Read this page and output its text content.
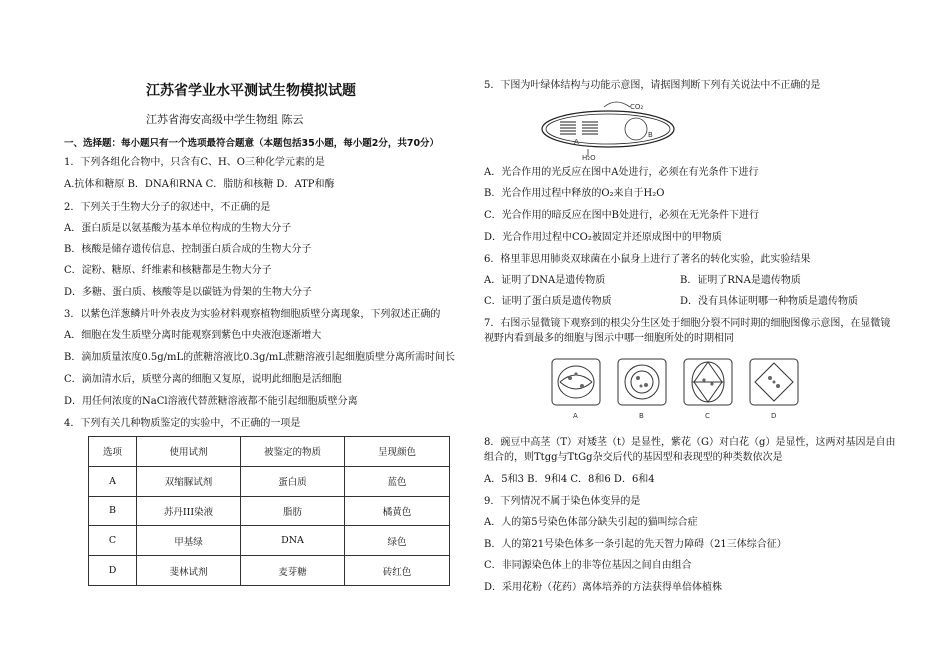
江苏省学业水平测试生物模拟试题
江苏省海安高级中学生物组 陈云
一、选择题：每小题只有一个选项最符合题意（本题包括35小题，每小题2分，共70分）
1．下列各组化合物中，只含有C、H、O三种化学元素的是
A.抗体和糖原 B．DNA和RNA C．脂肪和核糖 D．ATP和酶
2．下列关于生物大分子的叙述中，不正确的是
A．蛋白质是以氨基酸为基本单位构成的生物大分子
B．核酸是储存遗传信息、控制蛋白质合成的生物大分子
C．淀粉、糖原、纤维素和核糖都是生物大分子
D．多糖、蛋白质、核酸等是以碳链为骨架的生物大分子
3．以紫色洋葱鳞片叶外表皮为实验材料观察植物细胞质壁分离现象，下列叙述正确的
A．细胞在发生质壁分离时能观察到紫色中央液泡逐渐增大
B．滴加质量浓度0.5g/mL的蔗糖溶液比0.3g/mL蔗糖溶液引起细胞质壁分离所需时间长
C．滴加清水后，质壁分离的细胞又复原，说明此细胞是活细胞
D．用任何浓度的NaCl溶液代替蔗糖溶液都不能引起细胞质壁分离
4．下列有关几种物质鉴定的实验中，不正确的一项是
选项	使用试剂	被鉴定的物质	呈现颜色
A	双缩脲试剂	蛋白质	蓝色
B	苏丹III染液	脂肪	橘黄色
C	甲基绿	DNA	绿色
D	斐林试剂	麦芽糖	砖红色
5．下图为叶绿体结构与功能示意图，请据图判断下列有关说法中不正确的是
CO₂
H₂O
A
B
A．光合作用的光反应在图中A处进行，必须在有光条件下进行
B．光合作用过程中释放的O₂来自于H₂O
C．光合作用的暗反应在图中B处进行，必须在无光条件下进行
D．光合作用过程中CO₂被固定并还原成图中的甲物质
6．格里菲思用肺炎双球菌在小鼠身上进行了著名的转化实验，此实验结果
A．证明了DNA是遗传物质	B．证明了RNA是遗传物质
C．证明了蛋白质是遗传物质	D．没有具体证明哪一种物质是遗传物质
7．右图示显微镜下观察到的根尖分生区处于细胞分裂不同时期的细胞图像示意图，在显微镜
视野内看到最多的细胞与图示中哪一细胞所处的时期相同
A	B	C	D
8．豌豆中高茎（T）对矮茎（t）是显性，紫花（G）对白花（g）是显性，这两对基因是自由
组合的，则Ttgg与TtGg杂交后代的基因型和表现型的种类数依次是
A．5和3 B．9和4 C．8和6 D．6和4
9．下列情况不属于染色体变异的是
A．人的第5号染色体部分缺失引起的猫叫综合症
B．人的第21号染色体多一条引起的先天智力障碍（21三体综合征）
C．非同源染色体上的非等位基因之间自由组合
D．采用花粉（花药）离体培养的方法获得单倍体植株
